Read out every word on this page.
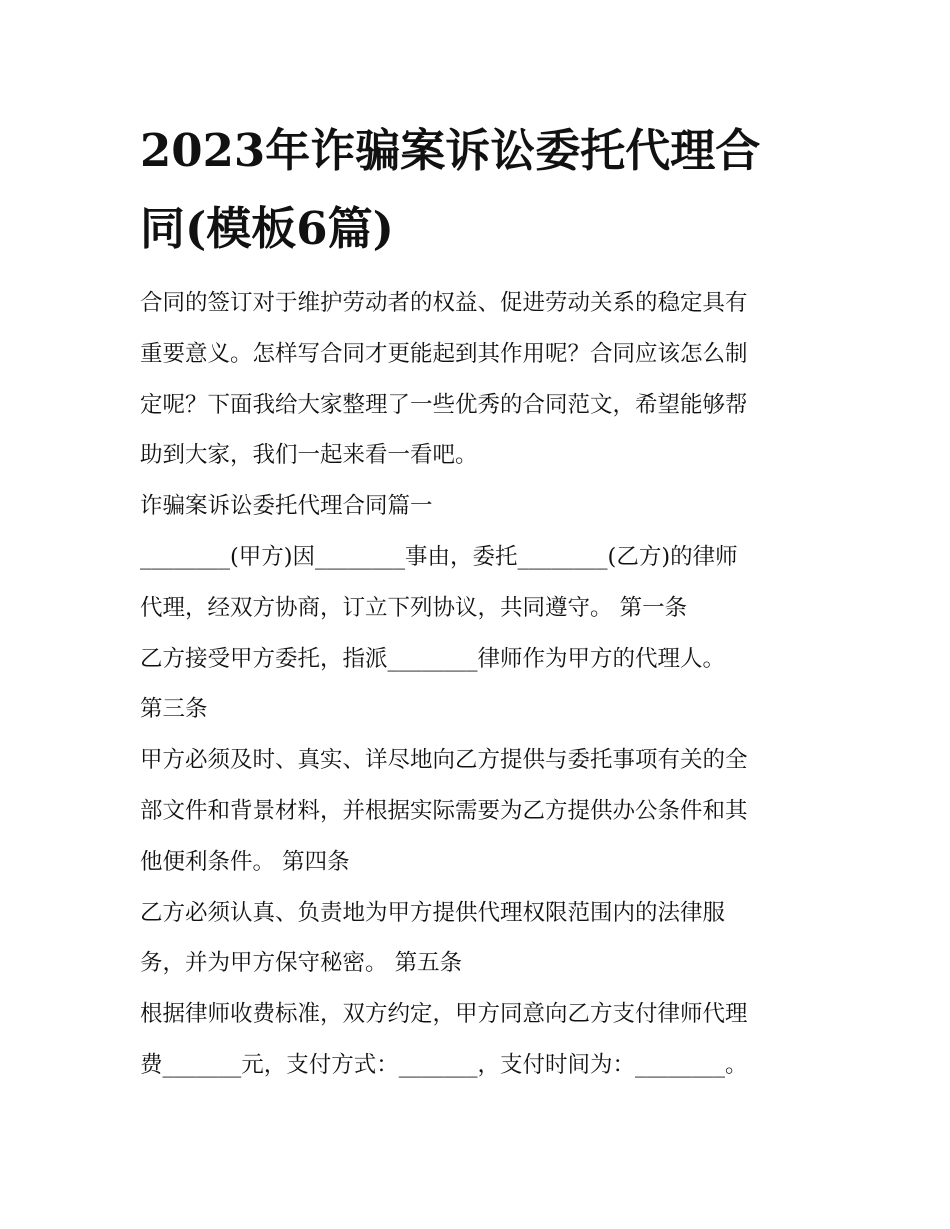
2023年诈骗案诉讼委托代理合
同(模板6篇)
合同的签订对于维护劳动者的权益、促进劳动关系的稳定具有
重要意义。怎样写合同才更能起到其作用呢？合同应该怎么制
定呢？下面我给大家整理了一些优秀的合同范文，希望能够帮
助到大家，我们一起来看一看吧。
诈骗案诉讼委托代理合同篇一
________(甲方)因________事由，委托________(乙方)的律师
代理，经双方协商，订立下列协议，共同遵守。 第一条
乙方接受甲方委托，指派________律师作为甲方的代理人。
第三条
甲方必须及时、真实、详尽地向乙方提供与委托事项有关的全
部文件和背景材料，并根据实际需要为乙方提供办公条件和其
他便利条件。 第四条
乙方必须认真、负责地为甲方提供代理权限范围内的法律服
务，并为甲方保守秘密。 第五条
根据律师收费标准，双方约定，甲方同意向乙方支付律师代理
费_______元，支付方式：_______，支付时间为：________。
